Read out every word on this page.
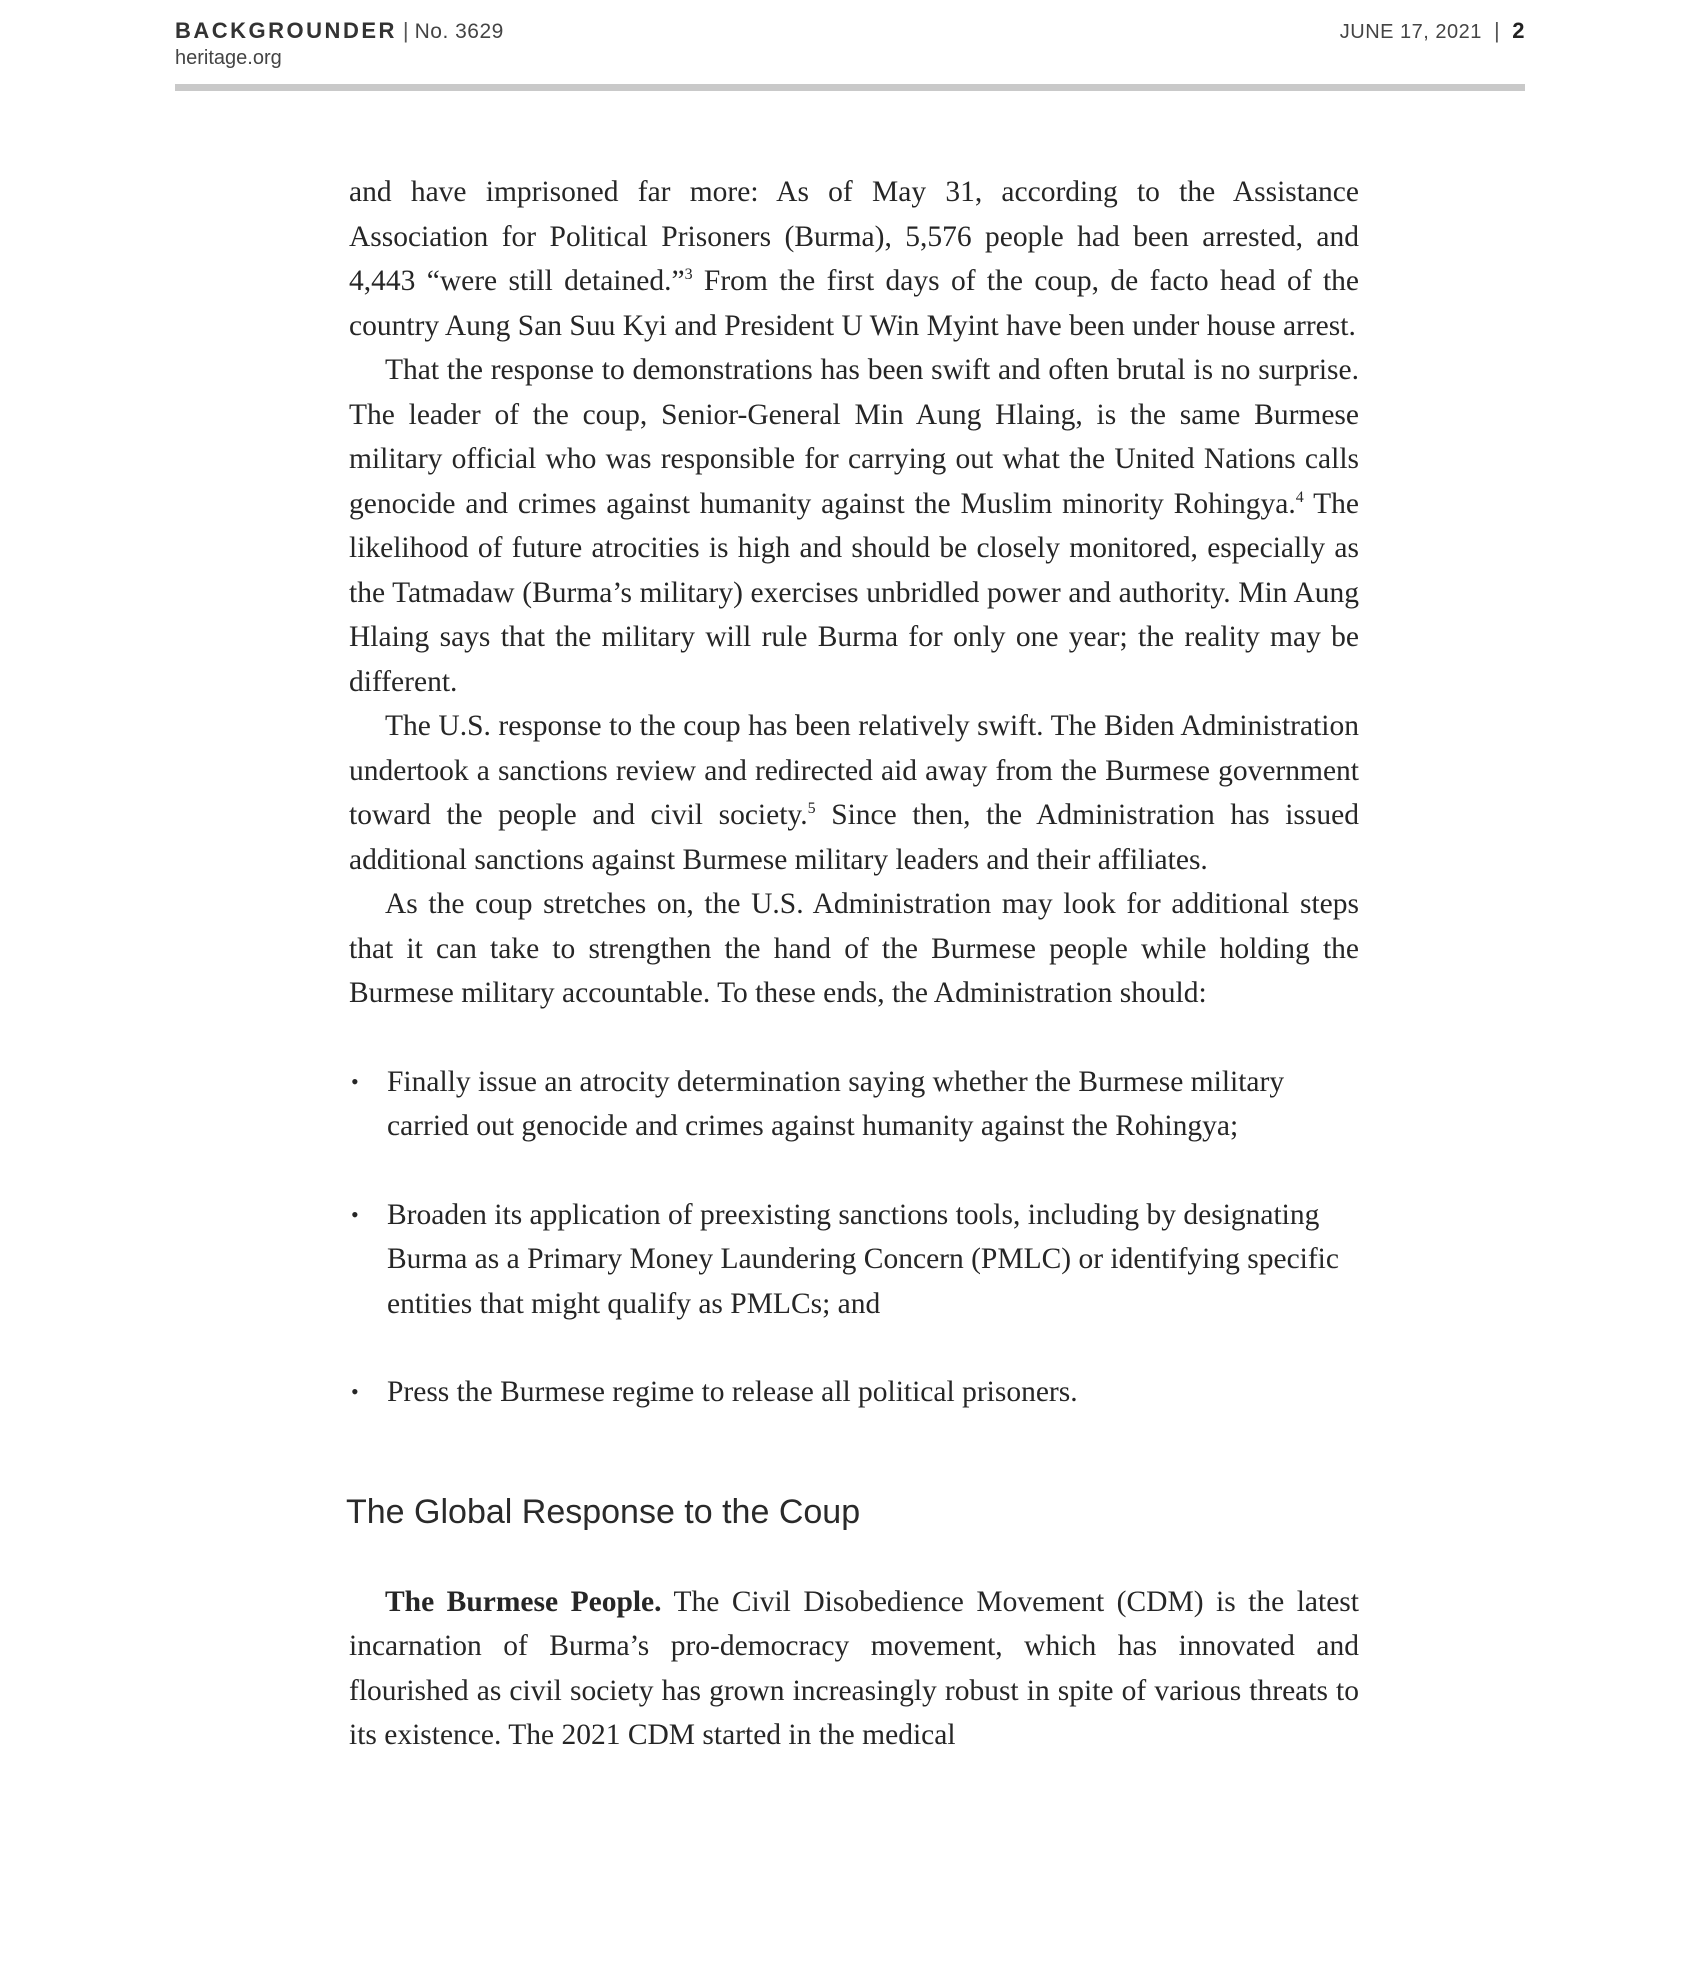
BACKGROUNDER | No. 3629
heritage.org
JUNE 17, 2021 | 2

and have imprisoned far more: As of May 31, according to the Assistance Association for Political Prisoners (Burma), 5,576 people had been arrested, and 4,443 “were still detained.”$^3$ From the first days of the coup, de facto head of the country Aung San Suu Kyi and President U Win Myint have been under house arrest.

That the response to demonstrations has been swift and often brutal is no surprise. The leader of the coup, Senior-General Min Aung Hlaing, is the same Burmese military official who was responsible for carrying out what the United Nations calls genocide and crimes against humanity against the Muslim minority Rohingya.$^4$ The likelihood of future atrocities is high and should be closely monitored, especially as the Tatmadaw (Burma’s military) exercises unbridled power and authority. Min Aung Hlaing says that the military will rule Burma for only one year; the reality may be different.

The U.S. response to the coup has been relatively swift. The Biden Administration undertook a sanctions review and redirected aid away from the Burmese government toward the people and civil society.$^5$ Since then, the Administration has issued additional sanctions against Burmese military leaders and their affiliates.

As the coup stretches on, the U.S. Administration may look for additional steps that it can take to strengthen the hand of the Burmese people while holding the Burmese military accountable. To these ends, the Administration should:

• Finally issue an atrocity determination saying whether the Burmese military carried out genocide and crimes against humanity against the Rohingya;
• Broaden its application of preexisting sanctions tools, including by designating Burma as a Primary Money Laundering Concern (PMLC) or identifying specific entities that might qualify as PMLCs; and
• Press the Burmese regime to release all political prisoners.
The Global Response to the Coup

The Burmese People. The Civil Disobedience Movement (CDM) is the latest incarnation of Burma’s pro-democracy movement, which has innovated and flourished as civil society has grown increasingly robust in spite of various threats to its existence. The 2021 CDM started in the medical
